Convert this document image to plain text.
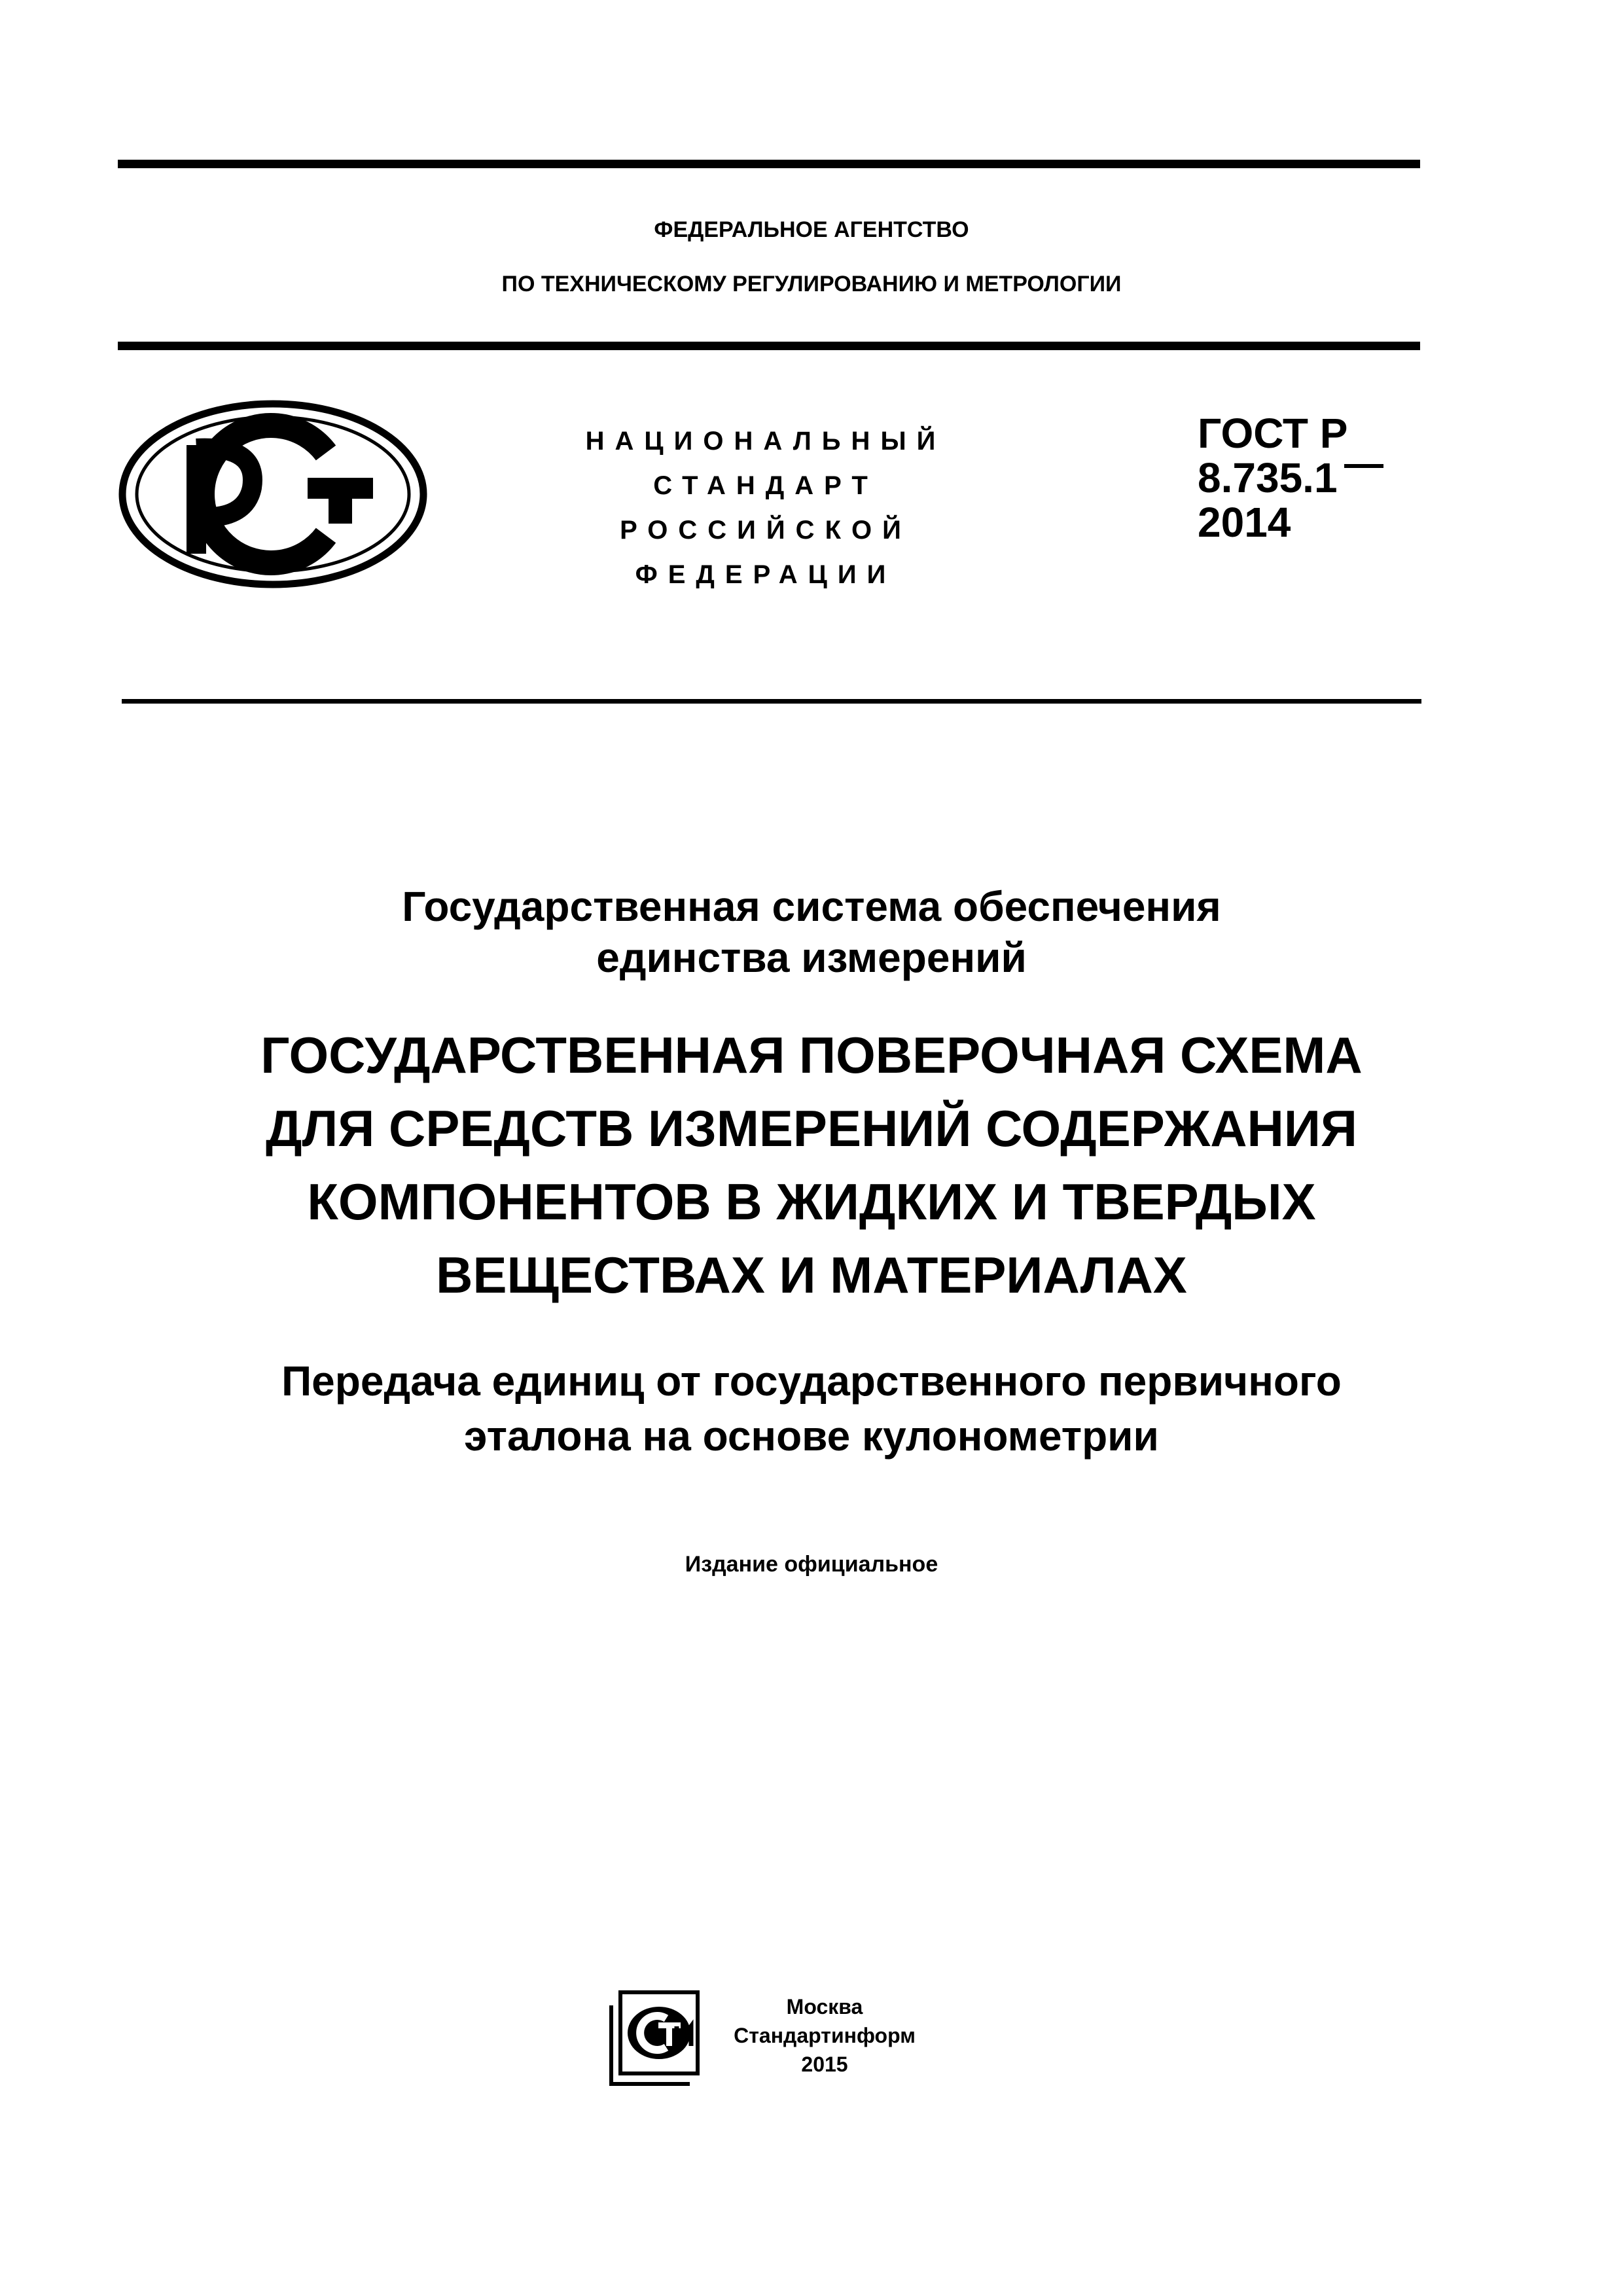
ФЕДЕРАЛЬНОЕ АГЕНТСТВО
ПО ТЕХНИЧЕСКОМУ РЕГУЛИРОВАНИЮ И МЕТРОЛОГИИ
НАЦИОНАЛЬНЫЙ
СТАНДАРТ
РОССИЙСКОЙ
ФЕДЕРАЦИИ
ГОСТ Р
8.735.1
2014
Государственная система обеспечения
единства измерений
ГОСУДАРСТВЕННАЯ ПОВЕРОЧНАЯ СХЕМА
ДЛЯ СРЕДСТВ ИЗМЕРЕНИЙ СОДЕРЖАНИЯ
КОМПОНЕНТОВ В ЖИДКИХ И ТВЕРДЫХ
ВЕЩЕСТВАХ И МАТЕРИАЛАХ
Передача единиц от государственного первичного
эталона на основе кулонометрии
Издание официальное
Москва
Стандартинформ
2015
